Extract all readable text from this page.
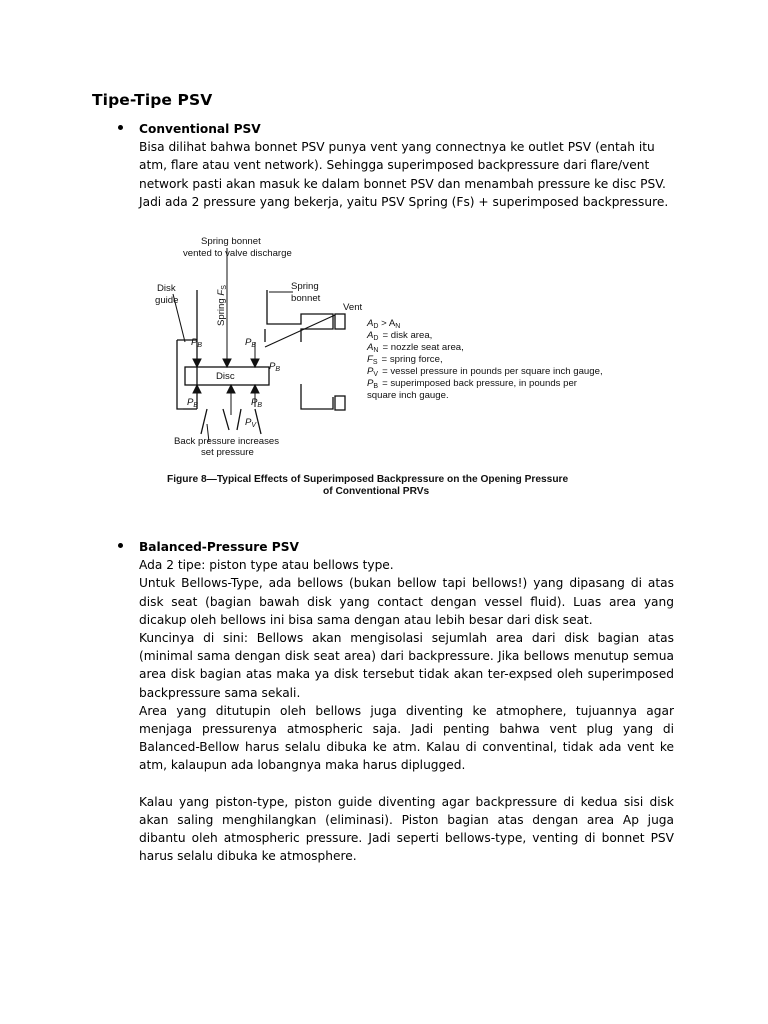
Tipe-Tipe PSV
Conventional PSV
Bisa dilihat bahwa bonnet PSV punya vent yang connectnya ke outlet PSV (entah itu atm, flare atau vent network). Sehingga superimposed backpressure dari flare/vent network pasti akan masuk ke dalam bonnet PSV dan menambah pressure ke disc PSV. Jadi ada 2 pressure yang bekerja, yaitu PSV Spring (Fs) + superimposed backpressure.
Spring bonnet
vented to valve discharge
Disk
guide	Spring $F_S$	Spring
bonnet
Vent
$P_B$	$P_B$
$P_B$
Disc
$P_B$	$P_B$
$P_V$
Back pressure increases
set pressure
$A_D > A_N$
$A_D$ = disk area,
$A_N$ = nozzle seat area,
$F_S$ = spring force,
$P_V$ = vessel pressure in pounds per square inch gauge,
$P_B$ = superimposed back pressure, in pounds per
square inch gauge.
Figure 8—Typical Effects of Superimposed Backpressure on the Opening Pressure
of Conventional PRVs
Balanced-Pressure PSV
Ada 2 tipe: piston type atau bellows type.
Untuk Bellows-Type, ada bellows (bukan bellow tapi bellows!) yang dipasang di atas disk seat (bagian bawah disk yang contact dengan vessel fluid). Luas area yang dicakup oleh bellows ini bisa sama dengan atau lebih besar dari disk seat.
Kuncinya di sini: Bellows akan mengisolasi sejumlah area dari disk bagian atas (minimal sama dengan disk seat area) dari backpressure. Jika bellows menutup semua area disk bagian atas maka ya disk tersebut tidak akan ter-expsed oleh superimposed backpressure sama sekali.
Area yang ditutupin oleh bellows juga diventing ke atmophere, tujuannya agar menjaga pressurenya atmospheric saja. Jadi penting bahwa vent plug yang di Balanced-Bellow harus selalu dibuka ke atm. Kalau di conventinal, tidak ada vent ke atm, kalaupun ada lobangnya maka harus diplugged.
Kalau yang piston-type, piston guide diventing agar backpressure di kedua sisi disk akan saling menghilangkan (eliminasi). Piston bagian atas dengan area Ap juga dibantu oleh atmospheric pressure. Jadi seperti bellows-type, venting di bonnet PSV harus selalu dibuka ke atmosphere.
